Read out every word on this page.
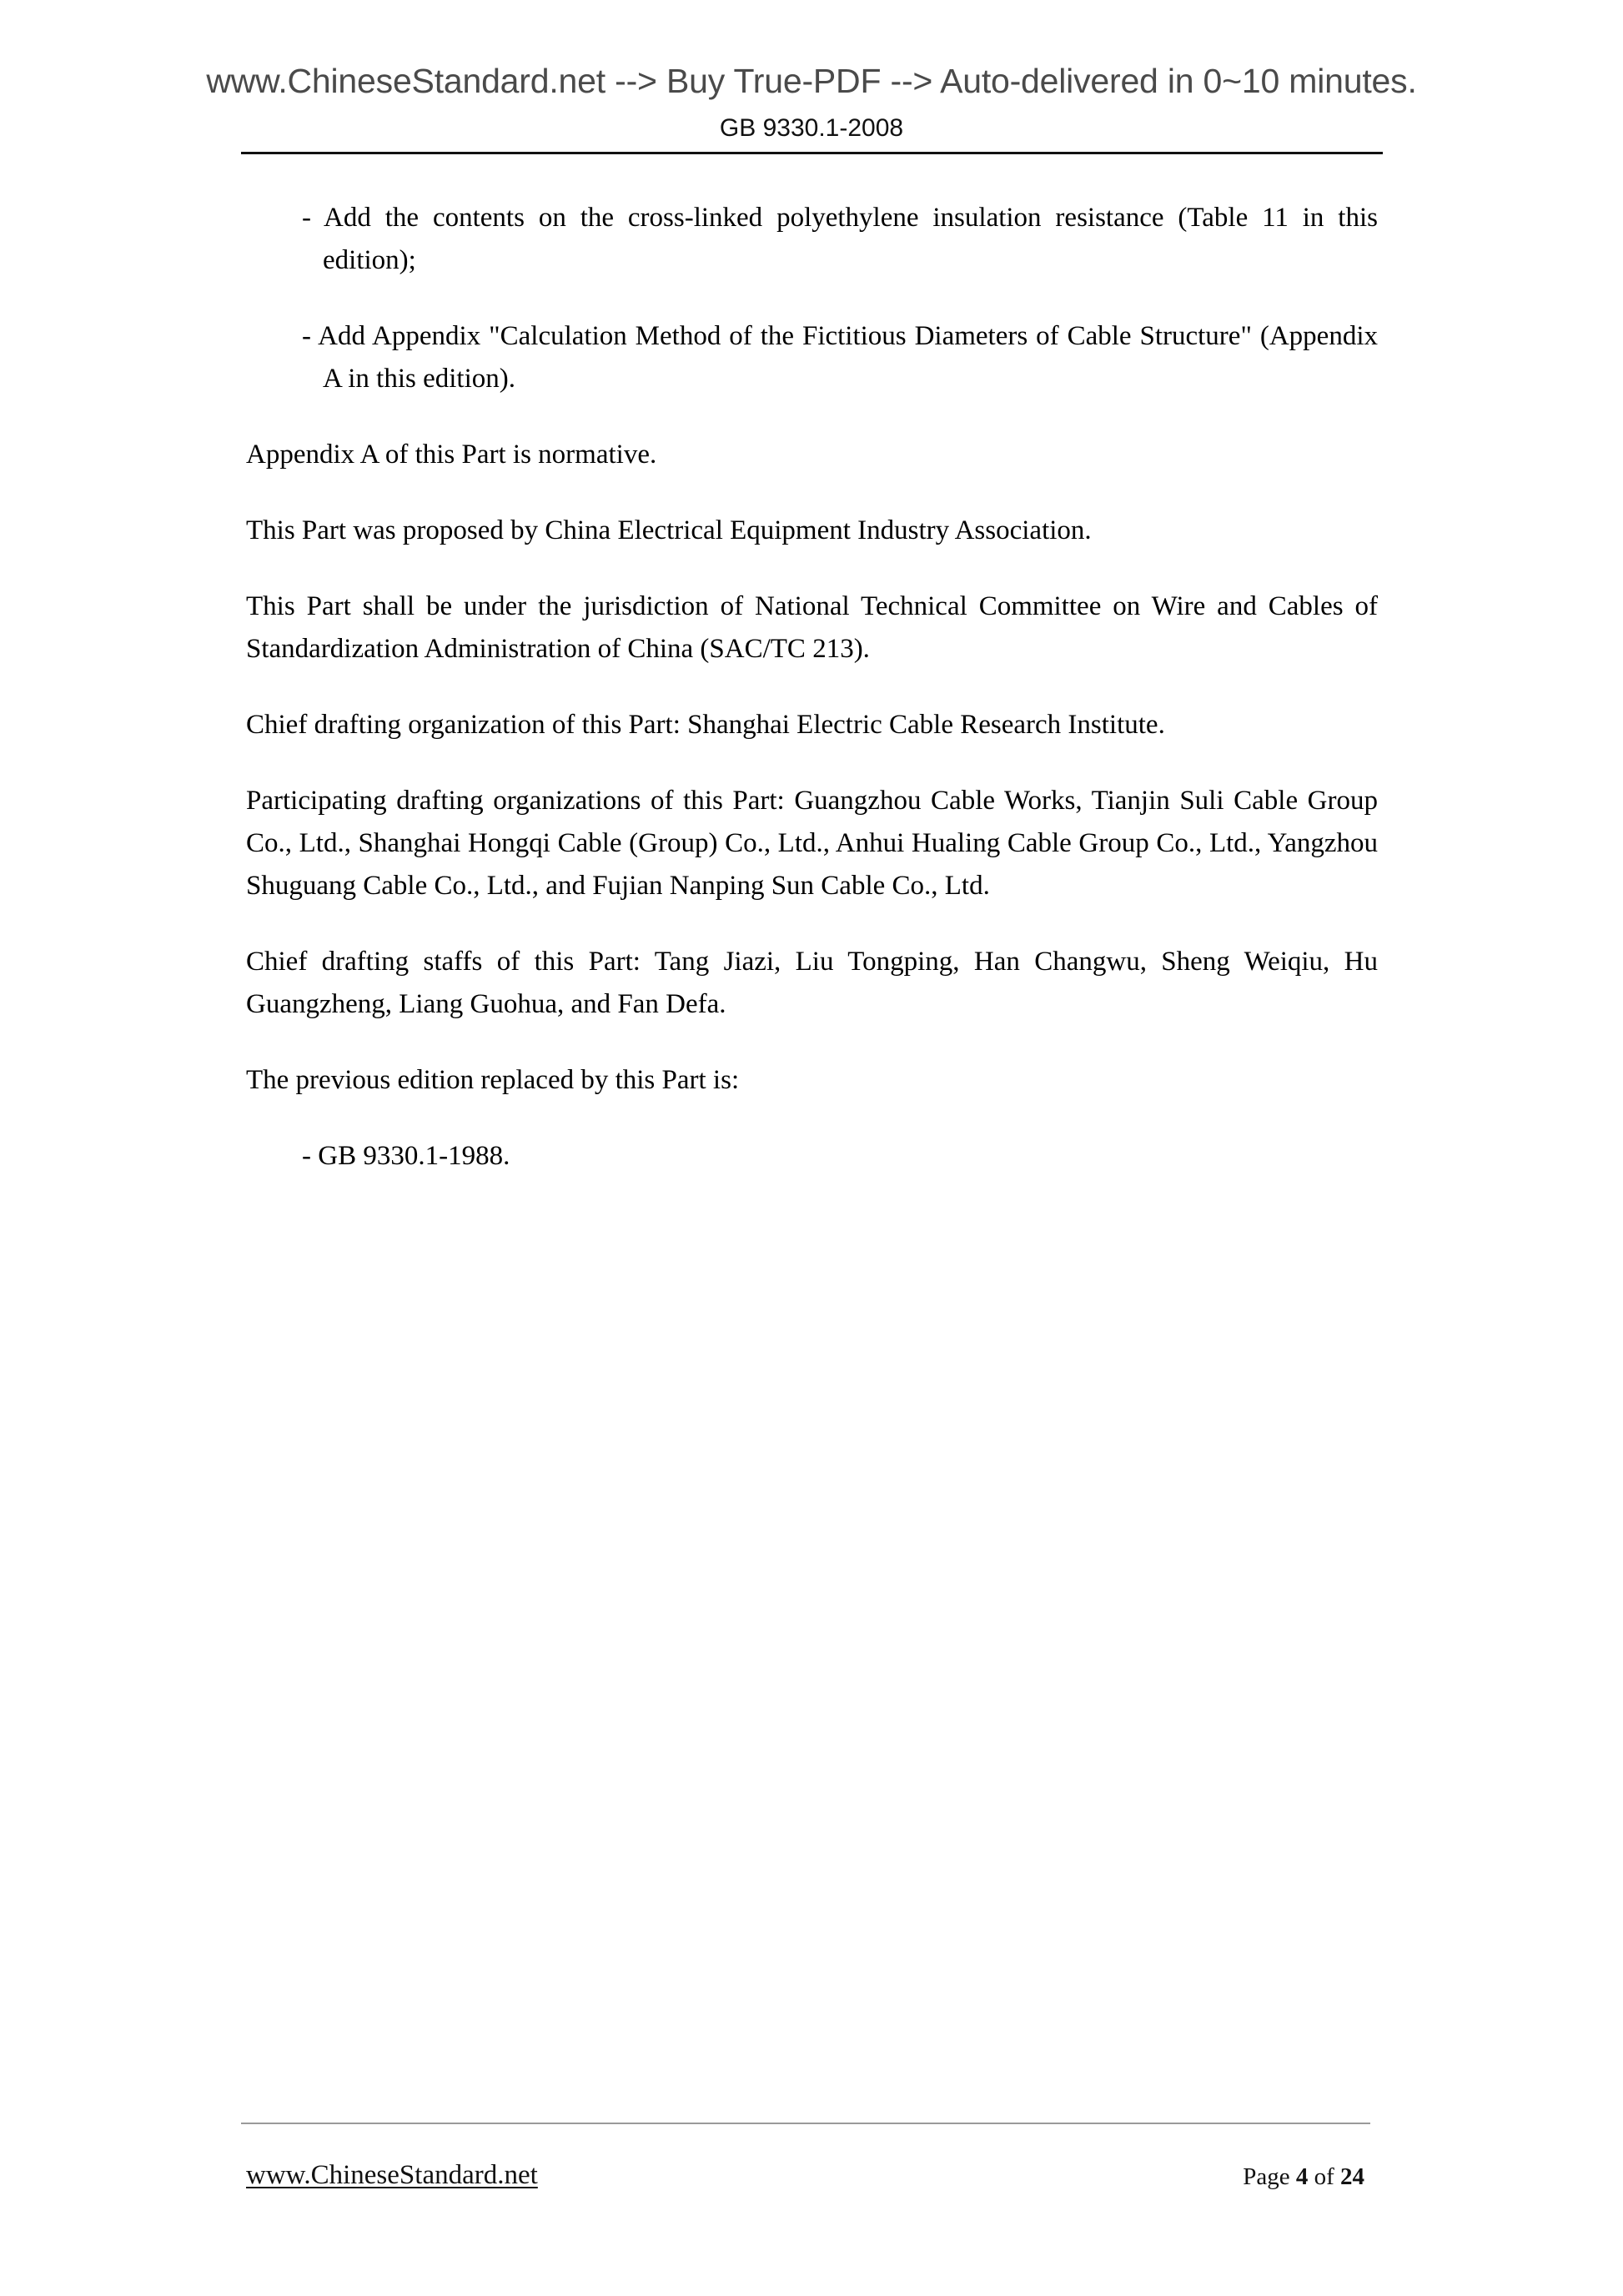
www.ChineseStandard.net --> Buy True-PDF --> Auto-delivered in 0~10 minutes.
GB 9330.1-2008

- Add the contents on the cross-linked polyethylene insulation resistance (Table 11 in this edition);

- Add Appendix "Calculation Method of the Fictitious Diameters of Cable Structure" (Appendix A in this edition).

Appendix A of this Part is normative.

This Part was proposed by China Electrical Equipment Industry Association.

This Part shall be under the jurisdiction of National Technical Committee on Wire and Cables of Standardization Administration of China (SAC/TC 213).

Chief drafting organization of this Part: Shanghai Electric Cable Research Institute.

Participating drafting organizations of this Part: Guangzhou Cable Works, Tianjin Suli Cable Group Co., Ltd., Shanghai Hongqi Cable (Group) Co., Ltd., Anhui Hualing Cable Group Co., Ltd., Yangzhou Shuguang Cable Co., Ltd., and Fujian Nanping Sun Cable Co., Ltd.

Chief drafting staffs of this Part: Tang Jiazi, Liu Tongping, Han Changwu, Sheng Weiqiu, Hu Guangzheng, Liang Guohua, and Fan Defa.

The previous edition replaced by this Part is:

- GB 9330.1-1988.

www.ChineseStandard.net	Page 4 of 24
